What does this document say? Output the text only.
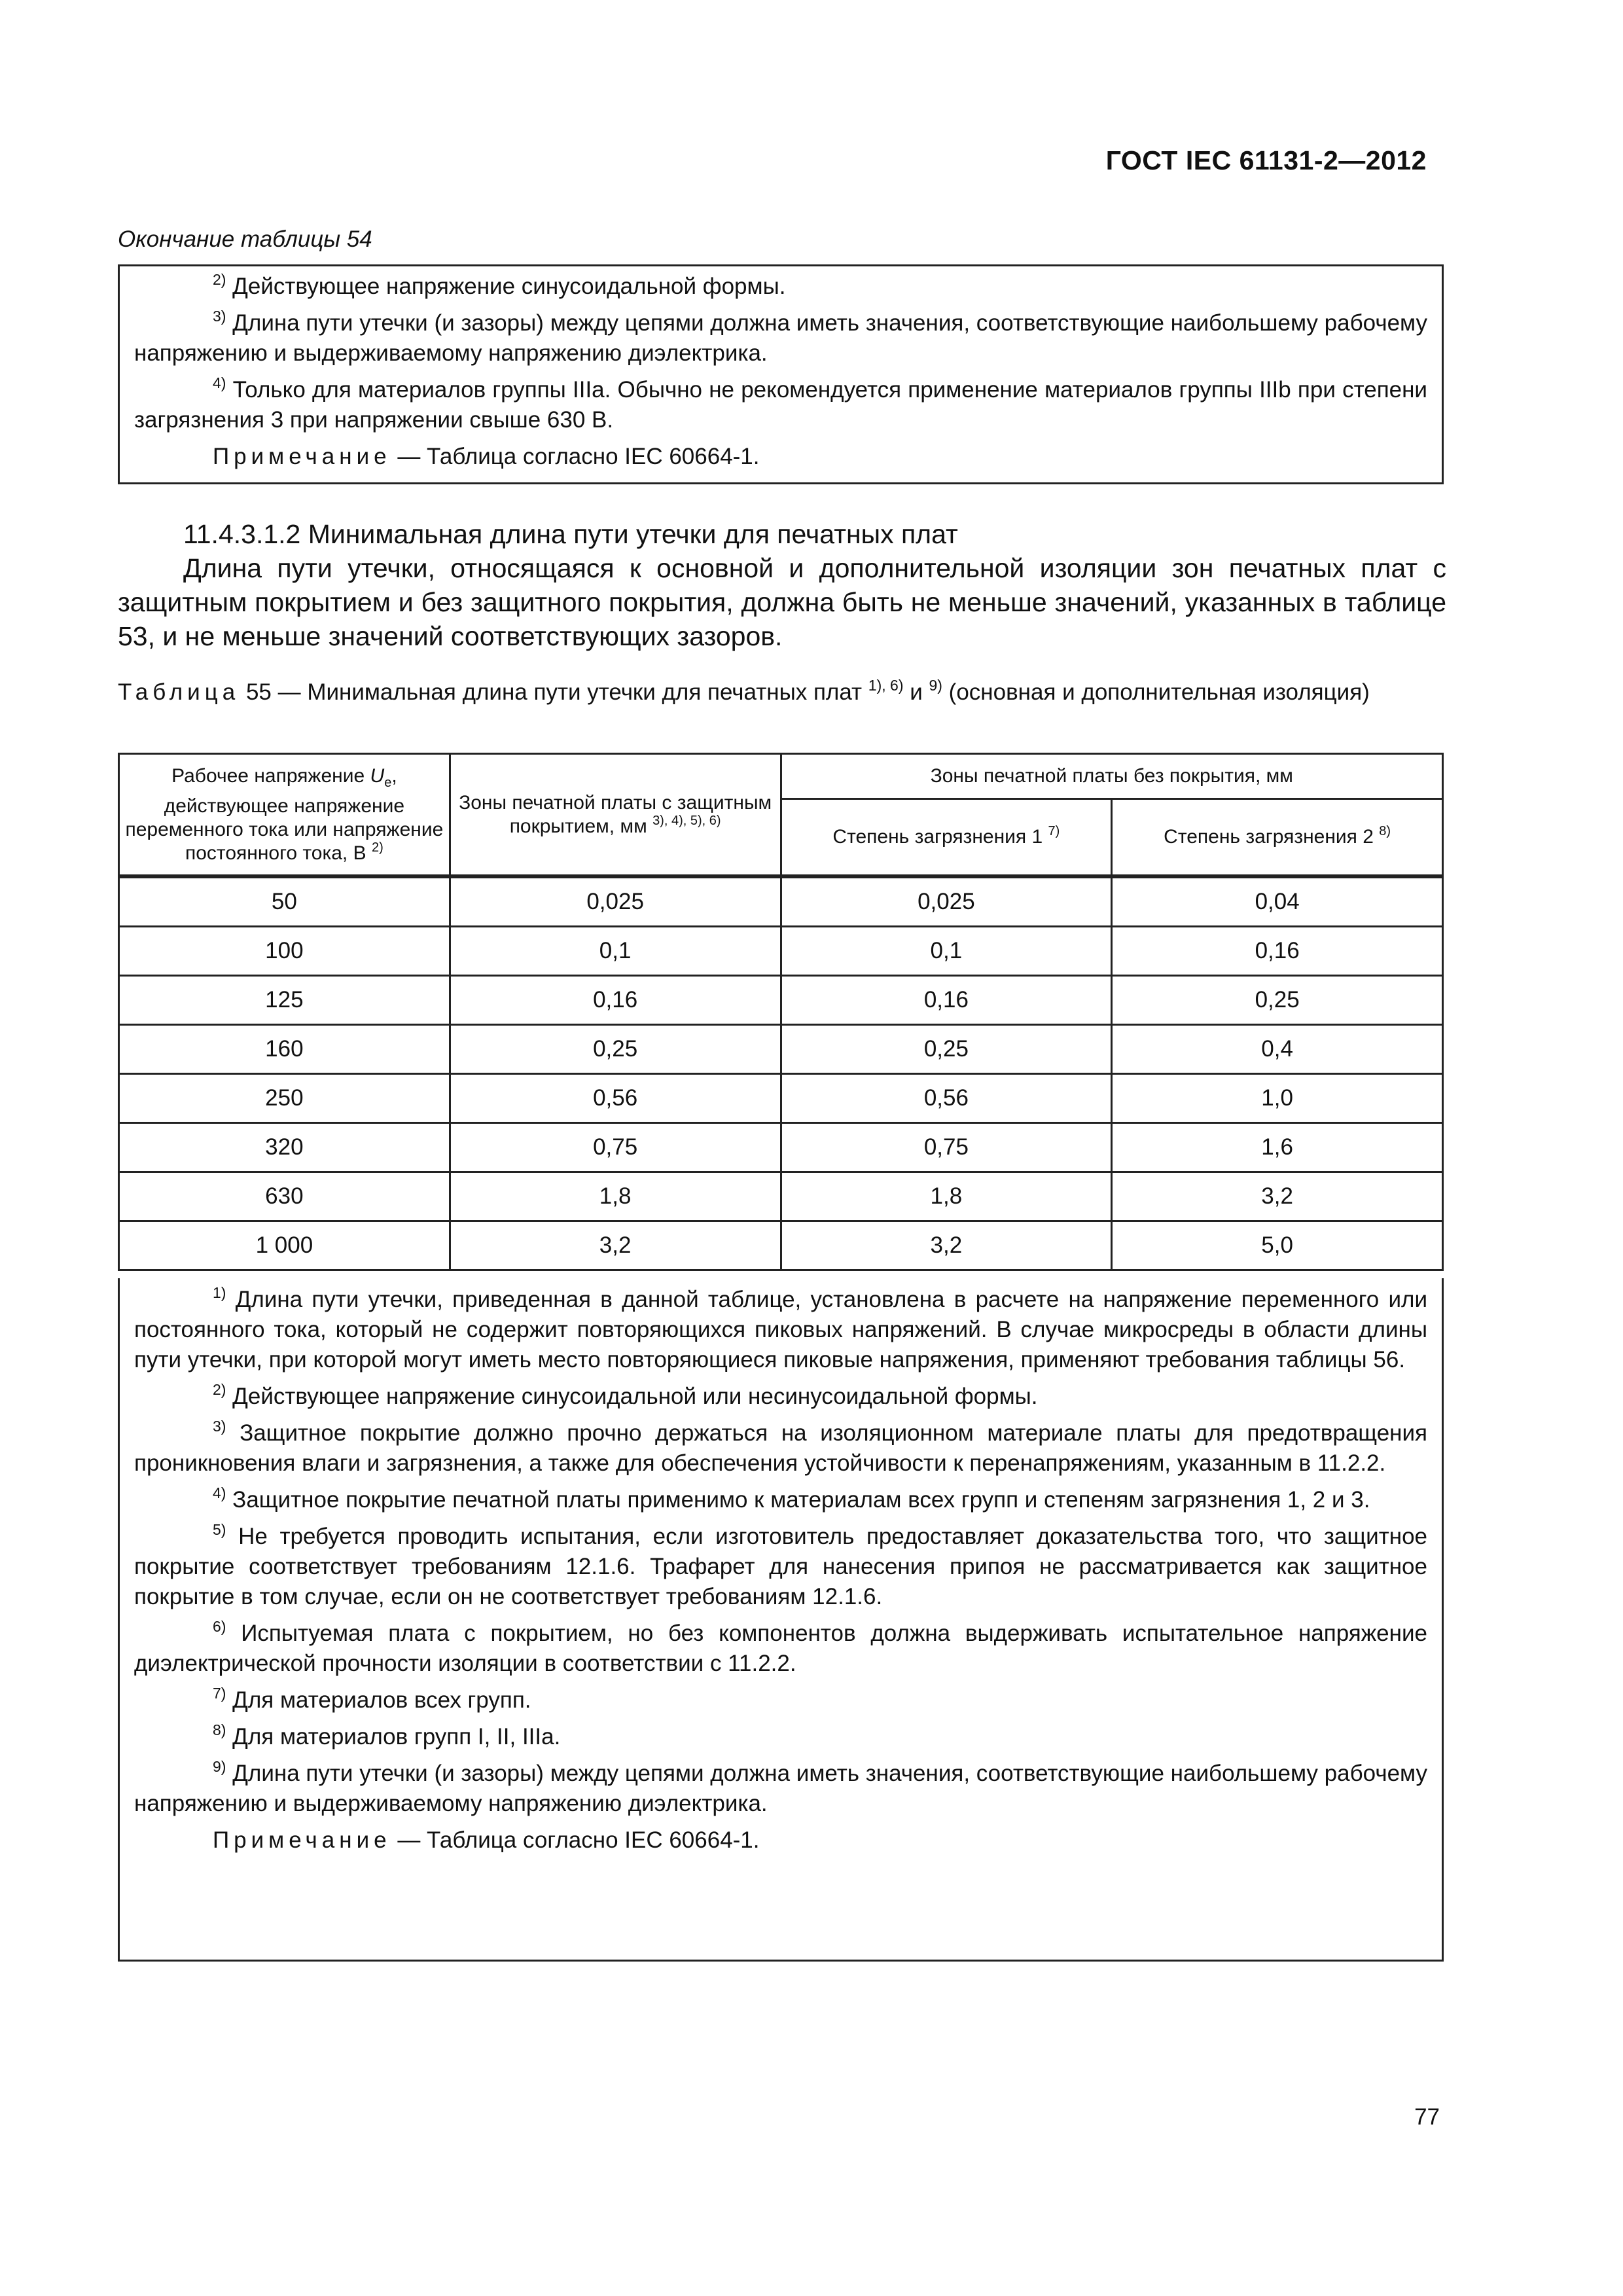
ГОСТ IEC 61131-2—2012
Окончание таблицы 54

$^{2)}$ Действующее напряжение синусоидальной формы.

$^{3)}$ Длина пути утечки (и зазоры) между цепями должна иметь значения, соответствующие наибольшему рабочему напряжению и выдерживаемому напряжению диэлектрика.

$^{4)}$ Только для материалов группы IIIa. Обычно не рекомендуется применение материалов группы IIIb при степени загрязнения 3 при напряжении свыше 630 В.

Примечание — Таблица согласно IEC 60664-1.

11.4.3.1.2 Минимальная длина пути утечки для печатных плат
Длина пути утечки, относящаяся к основной и дополнительной изоляции зон печатных плат с защитным покрытием и без защитного покрытия, должна быть не меньше значений, указанных в таблице 53, и не меньше значений соответствующих зазоров.
Таблица 55 — Минимальная длина пути утечки для печатных плат $^{1), 6)}$ и $^{9)}$ (основная и дополнительная изоляция)
Рабочее напряжение $U_e$, действующее напряжение переменного тока или напряжение постоянного тока, В $^{2)}$	Зоны печатной платы с защитным покрытием, мм $^{3), 4), 5), 6)}$	Зоны печатной платы без покрытия, мм	
		Степень загрязнения 1 $^{7)}$	Степень загрязнения 2 $^{8)}$
50	0,025	0,025	0,04
100	0,1	0,1	0,16
125	0,16	0,16	0,25
160	0,25	0,25	0,4
250	0,56	0,56	1,0
320	0,75	0,75	1,6
630	1,8	1,8	3,2
1 000	3,2	3,2	5,0

$^{1)}$ Длина пути утечки, приведенная в данной таблице, установлена в расчете на напряжение переменного или постоянного тока, который не содержит повторяющихся пиковых напряжений. В случае микросреды в области длины пути утечки, при которой могут иметь место повторяющиеся пиковые напряжения, применяют требования таблицы 56.

$^{2)}$ Действующее напряжение синусоидальной или несинусоидальной формы.

$^{3)}$ Защитное покрытие должно прочно держаться на изоляционном материале платы для предотвращения проникновения влаги и загрязнения, а также для обеспечения устойчивости к перенапряжениям, указанным в 11.2.2.

$^{4)}$ Защитное покрытие печатной платы применимо к материалам всех групп и степеням загрязнения 1, 2 и 3.

$^{5)}$ Не требуется проводить испытания, если изготовитель предоставляет доказательства того, что защитное покрытие соответствует требованиям 12.1.6. Трафарет для нанесения припоя не рассматривается как защитное покрытие в том случае, если он не соответствует требованиям 12.1.6.

$^{6)}$ Испытуемая плата с покрытием, но без компонентов должна выдерживать испытательное напряжение диэлектрической прочности изоляции в соответствии с 11.2.2.

$^{7)}$ Для материалов всех групп.

$^{8)}$ Для материалов групп I, II, IIIa.

$^{9)}$ Длина пути утечки (и зазоры) между цепями должна иметь значения, соответствующие наибольшему рабочему напряжению и выдерживаемому напряжению диэлектрика.

Примечание — Таблица согласно IEC 60664-1.

77
